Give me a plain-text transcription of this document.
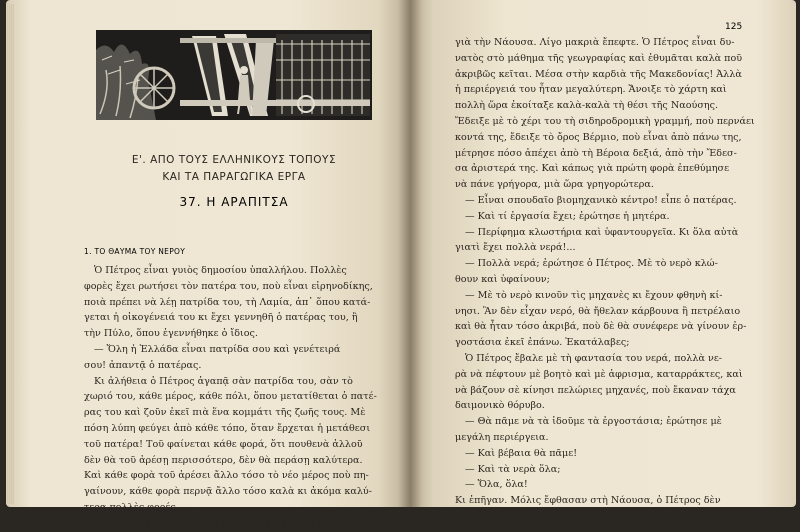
Ε'. ΑΠΟ ΤΟΥΣ ΕΛΛΗΝΙΚΟΥΣ ΤΟΠΟΥΣ
ΚΑΙ ΤΑ ΠΑΡΑΓΩΓΙΚΑ ΕΡΓΑ
37. Η ΑΡΑΠΙΤΣΑ
1. ΤΟ ΘΑΥΜΑ ΤΟΥ ΝΕΡΟΥ
Ὁ Πέτρος εἶναι γυιὸς δημοσίου ὑπαλλήλου. Πολλὲς
φορὲς ἔχει ρωτήσει τὸν πατέρα του, ποὺ εἶναι εἰρηνοδίκης,
ποιὰ πρέπει νὰ λέῃ πατρίδα του, τὴ Λαμία, ἀπ᾽ ὅπου κατά-
γεται ἡ οἰκογένειά του κι ἔχει γεννηθῆ ὁ πατέρας του, ἢ
τὴν Πύλο, ὅπου ἐγεννήθηκε ὁ ἴδιος.
— Ὅλη ἡ Ἑλλάδα εἶναι πατρίδα σου καὶ γενέτειρά
σου! ἀπαντᾷ ὁ πατέρας.
Κι ἀλήθεια ὁ Πέτρος ἀγαπᾷ σὰν πατρίδα του, σὰν τὸ
χωριό του, κάθε μέρος, κάθε πόλι, ὅπου μετατίθεται ὁ πατέ-
ρας του καὶ ζοῦν ἐκεῖ πιὰ ἕνα κομμάτι τῆς ζωῆς τους. Μὲ
πόση λύπη φεύγει ἀπὸ κάθε τόπο, ὅταν ἔρχεται ἡ μετάθεσι
τοῦ πατέρα! Τοῦ φαίνεται κάθε φορά, ὅτι πουθενὰ ἀλλοῦ
δὲν θὰ τοῦ ἀρέσῃ περισσότερο, δὲν θὰ περάσῃ καλύτερα.
Καὶ κάθε φορὰ τοῦ ἀρέσει ἄλλο τόσο τὸ νέο μέρος ποὺ πη-
γαίνουν, κάθε φορὰ περνᾷ ἄλλο τόσο καλὰ κι ἀκόμα καλύ-
τερα πολλὲς φορές.
Τώρα τελευταῖα ὁ πατέρας ἐπῆρε καινούργια μετάθεσι
125
γιὰ τὴν Νάουσα. Λίγο μακριὰ ἔπεφτε. Ὁ Πέτρος εἶναι δυ-
νατὸς στὸ μάθημα τῆς γεωγραφίας καὶ ἐθυμᾶται καλὰ ποῦ
ἀκριβῶς κεῖται. Μέσα στὴν καρδιὰ τῆς Μακεδονίας! Ἀλλὰ
ἡ περιέργειά του ἦταν μεγαλύτερη. Ἄνοιξε τὸ χάρτη καὶ
πολλὴ ὥρα ἐκοίταξε καλὰ-καλὰ τὴ θέσι τῆς Ναούσης.
Ἔδειξε μὲ τὸ χέρι του τὴ σιδηροδρομικὴ γραμμή, ποὺ περνάει
κοντά της, ἔδειξε τὸ ὄρος Βέρμιο, ποὺ εἶναι ἀπὸ πάνω της,
μέτρησε πόσο ἀπέχει ἀπὸ τὴ Βέροια δεξιά, ἀπὸ τὴν Ἔδεσ-
σα ἀριστερά της. Καὶ κάπως γιὰ πρώτη φορὰ ἐπεθύμησε
νὰ πάνε γρήγορα, μιὰ ὥρα γρηγορώτερα.
— Εἶναι σπουδαῖο βιομηχανικὸ κέντρο! εἶπε ὁ πατέρας.
— Καὶ τί ἐργασία ἔχει; ἐρώτησε ἡ μητέρα.
— Περίφημα κλωστήρια καὶ ὑφαντουργεῖα. Κι ὅλα αὐτὰ
γιατὶ ἔχει πολλὰ νερά!...
— Πολλὰ νερά; ἐρώτησε ὁ Πέτρος. Μὲ τὸ νερὸ κλώ-
θουν καὶ ὑφαίνουν;
— Μὲ τὸ νερὸ κινοῦν τὶς μηχανὲς κι ἔχουν φθηνὴ κί-
νησι. Ἂν δὲν εἶχαν νερό, θὰ ἤθελαν κάρβουνα ἢ πετρέλαιο
καὶ θὰ ἦταν τόσο ἀκριβά, ποὺ δὲ θὰ συνέφερε νὰ γίνουν ἐρ-
γοστάσια ἐκεῖ ἐπάνω. Ἐκατάλαβες;
Ὁ Πέτρος ἔβαλε μὲ τὴ φαντασία του νερά, πολλὰ νε-
ρὰ νὰ πέφτουν μὲ βοητὸ καὶ μὲ ἀφρισμα, καταρράκτες, καὶ
νὰ βάζουν σὲ κίνησι πελώριες μηχανές, ποὺ ἔκαναν τάχα
δαιμονικὸ θόρυβο.
— Θὰ πᾶμε νὰ τὰ ἰδοῦμε τὰ ἐργοστάσια; ἐρώτησε μὲ
μεγάλη περιέργεια.
— Καὶ βέβαια θὰ πᾶμε!
— Καὶ τὰ νερὰ ὅλα;
— Ὅλα, ὅλα!
Κι ἐπῆγαν. Μόλις ἔφθασαν στὴ Νάουσα, ὁ Πέτρος δὲν
